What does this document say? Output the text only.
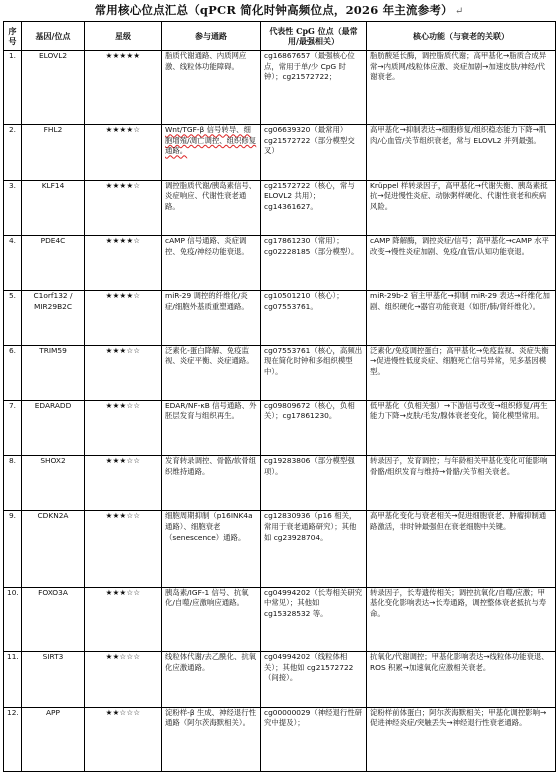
常用核心位点汇总（qPCR 简化时钟高频位点，2026 年主流参考） ↵
序号	基因/位点	星级	参与通路	代表性 CpG 位点（最常用/最强相关）	核心功能（与衰老的关联）
1.	ELOVL2	★★★★★	脂质代谢通路、内质网应激、线粒体功能障碍。	cg16867657（最强核心位点，常用于单/少 CpG 时钟）；cg21572722；	脂肪酸延长酶，调控脂质代谢；高甲基化→脂质合成异常→内质网/线粒体应激、炎症加剧→加速皮肤/神经/代谢衰老。
2.	FHL2	★★★★☆	Wnt/TGF-β 信号转导、细胞增殖/凋亡调控、组织修复通路。	cg06639320（最常用）cg21572722（部分模型交叉）	高甲基化→抑制表达→细胞修复/组织稳态能力下降→肌肉/心血管/关节组织衰老，常与 ELOVL2 并列最强。
3.	KLF14	★★★★☆	调控脂质代谢/胰岛素信号、炎症响应、代谢性衰老通路。	cg21572722（核心，常与 ELOVL2 共用）；cg14361627。	Krüppel 样转录因子，高甲基化→代谢失衡、胰岛素抵抗→促进慢性炎症、动脉粥样硬化、代谢性衰老和疾病风险。
4.	PDE4C	★★★★☆	cAMP 信号通路、炎症调控、免疫/神经功能衰退。	cg17861230（常用）；cg02228185（部分模型）。	cAMP 降解酶，调控炎症/信号；高甲基化→cAMP 水平改变→慢性炎症加剧、免疫/血管/认知功能衰退。
5.	C1orf132 / MIR29B2C	★★★★☆	miR-29 调控的纤维化/炎症/细胞外基质重塑通路。	cg10501210（核心）；cg07553761。	miR-29b-2 宿主甲基化→抑制 miR-29 表达→纤维化加剧、组织硬化→器官功能衰退（如肝/肺/肾纤维化）。
6.	TRIM59	★★★☆☆	泛素化-蛋白降解、免疫监视、炎症平衡、炎症通路。	cg07553761（核心，高频出现在简化时钟和多组织模型中）。	泛素化/免疫调控蛋白；高甲基化→免疫监视、炎症失衡→促进慢性低度炎症、细胞死亡信号异常，见多基因模型。
7.	EDARADD	★★★☆☆	EDAR/NF-κB 信号通路、外胚层发育与组织再生。	cg09809672（核心，负相关）；cg17861230。	低甲基化（负相关强）→下游信号改变→组织修复/再生能力下降→皮肤/毛发/腺体衰老变化，简化模型常用。
8.	SHOX2	★★★☆☆	发育转录调控、骨骼/软骨组织维持通路。	cg19283806（部分模型强项）。	转录因子，发育调控；与年龄相关甲基化变化可能影响骨骼/组织发育与维持→骨骼/关节相关衰老。
9.	CDKN2A	★★★☆☆	细胞周期抑制（p16INK4a 通路）、细胞衰老（senescence）通路。	cg12830936（p16 相关，常用于衰老通路研究）；其他如 cg23928704。	高甲基化变化与衰老相关→促进细胞衰老、肿瘤抑制通路激活，非时钟最强但在衰老细胞中关键。
10.	FOXO3A	★★★☆☆	胰岛素/IGF-1 信号、抗氧化/自噬/应激响应通路。	cg04994202（长寿相关研究中常见）；其他如 cg15328532 等。	转录因子，长寿遗传相关；调控抗氧化/自噬/应激；甲基化变化影响表达→长寿通路，调控整体衰老抵抗与寿命。
11.	SIRT3	★★☆☆☆	线粒体代谢/去乙酰化、抗氧化应激通路。	cg04994202（线粒体相关）；其他如 cg21572722（间接）。	抗氧化/代谢调控；甲基化影响表达→线粒体功能衰退、ROS 积累→加速氧化应激相关衰老。
12.	APP	★★☆☆☆	淀粉样-β 生成、神经退行性通路（阿尔茨海默相关）。	cg00000029（神经退行性研究中提及）；	淀粉样前体蛋白；阿尔茨海默相关；甲基化调控影响→促进神经炎症/突触丢失→神经退行性衰老通路。
